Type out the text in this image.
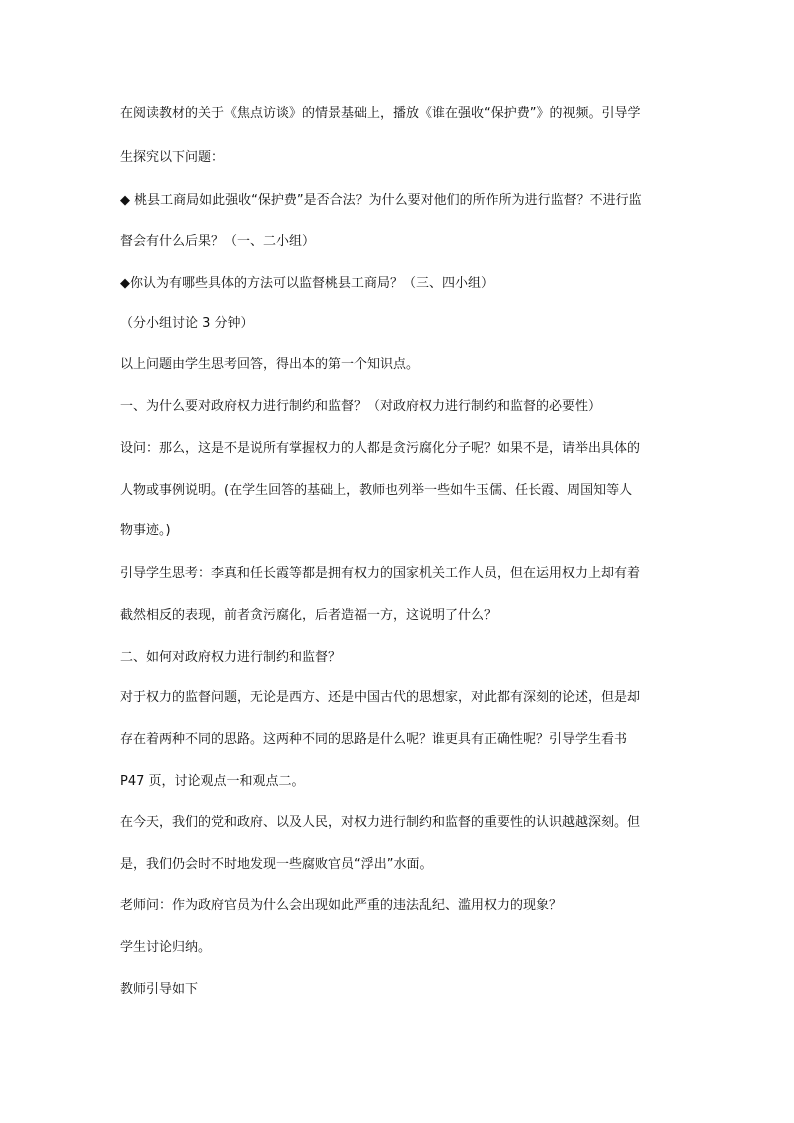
在阅读教材的关于《焦点访谈》的情景基础上，播放《谁在强收“保护费”》的视频。引导学
生探究以下问题：
◆ 桃县工商局如此强收“保护费”是否合法？为什么要对他们的所作所为进行监督？不进行监
督会有什么后果？（一、二小组）
◆你认为有哪些具体的方法可以监督桃县工商局？（三、四小组）
（分小组讨论 3 分钟）
以上问题由学生思考回答，得出本的第一个知识点。
一、为什么要对政府权力进行制约和监督？（对政府权力进行制约和监督的必要性）
设问：那么，这是不是说所有掌握权力的人都是贪污腐化分子呢？如果不是，请举出具体的
人物或事例说明。(在学生回答的基础上，教师也列举一些如牛玉儒、任长霞、周国知等人
物事迹。)
引导学生思考：李真和任长霞等都是拥有权力的国家机关工作人员，但在运用权力上却有着
截然相反的表现，前者贪污腐化，后者造福一方，这说明了什么？
二、如何对政府权力进行制约和监督？
对于权力的监督问题，无论是西方、还是中国古代的思想家，对此都有深刻的论述，但是却
存在着两种不同的思路。这两种不同的思路是什么呢？谁更具有正确性呢？引导学生看书
P47 页，讨论观点一和观点二。
在今天，我们的党和政府、以及人民，对权力进行制约和监督的重要性的认识越越深刻。但
是，我们仍会时不时地发现一些腐败官员“浮出”水面。
老师问：作为政府官员为什么会出现如此严重的违法乱纪、滥用权力的现象？
学生讨论归纳。
教师引导如下
